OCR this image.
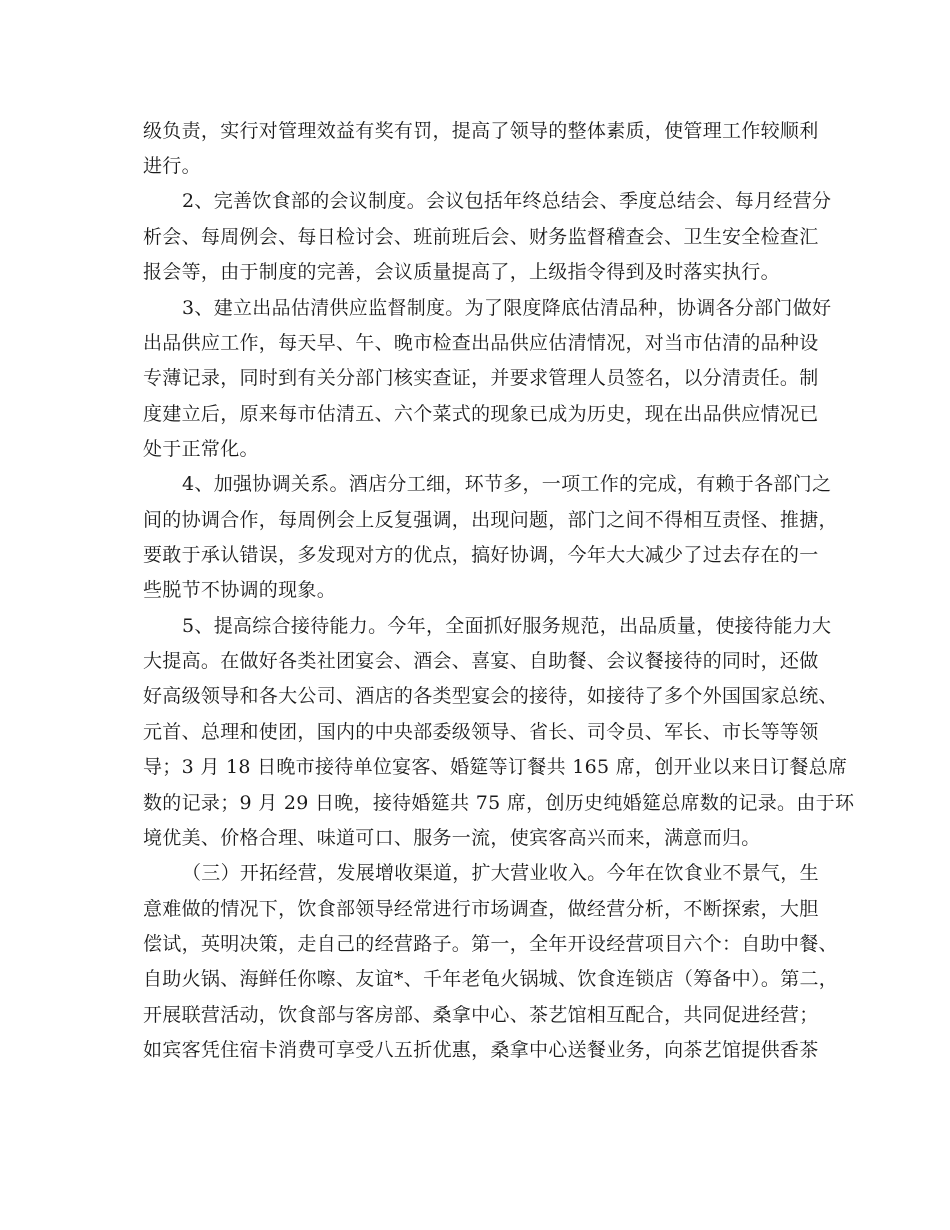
级负责，实行对管理效益有奖有罚，提高了领导的整体素质，使管理工作较顺利
进行。
2、完善饮食部的会议制度。会议包括年终总结会、季度总结会、每月经营分
析会、每周例会、每日检讨会、班前班后会、财务监督稽查会、卫生安全检查汇
报会等，由于制度的完善，会议质量提高了，上级指令得到及时落实执行。
3、建立出品估清供应监督制度。为了限度降底估清品种，协调各分部门做好
出品供应工作，每天早、午、晚市检查出品供应估清情况，对当市估清的品种设
专薄记录，同时到有关分部门核实查证，并要求管理人员签名，以分清责任。制
度建立后，原来每市估清五、六个菜式的现象已成为历史，现在出品供应情况已
处于正常化。
4、加强协调关系。酒店分工细，环节多，一项工作的完成，有赖于各部门之
间的协调合作，每周例会上反复强调，出现问题，部门之间不得相互责怪、推搪，
要敢于承认错误，多发现对方的优点，搞好协调，今年大大减少了过去存在的一
些脱节不协调的现象。
5、提高综合接待能力。今年，全面抓好服务规范，出品质量，使接待能力大
大提高。在做好各类社团宴会、酒会、喜宴、自助餐、会议餐接待的同时，还做
好高级领导和各大公司、酒店的各类型宴会的接待，如接待了多个外国国家总统、
元首、总理和使团，国内的中央部委级领导、省长、司令员、军长、市长等等领
导；3 月 18 日晚市接待单位宴客、婚筵等订餐共 165 席，创开业以来日订餐总席
数的记录；9 月 29 日晚，接待婚筵共 75 席，创历史纯婚筵总席数的记录。由于环
境优美、价格合理、味道可口、服务一流，使宾客高兴而来，满意而归。
（三）开拓经营，发展增收渠道，扩大营业收入。今年在饮食业不景气，生
意难做的情况下，饮食部领导经常进行市场调查，做经营分析，不断探索，大胆
偿试，英明决策，走自己的经营路子。第一，全年开设经营项目六个：自助中餐、
自助火锅、海鲜任你嚓、友谊*、千年老龟火锅城、饮食连锁店（筹备中）。第二，
开展联营活动，饮食部与客房部、桑拿中心、茶艺馆相互配合，共同促进经营；
如宾客凭住宿卡消费可享受八五折优惠，桑拿中心送餐业务，向茶艺馆提供香茶
